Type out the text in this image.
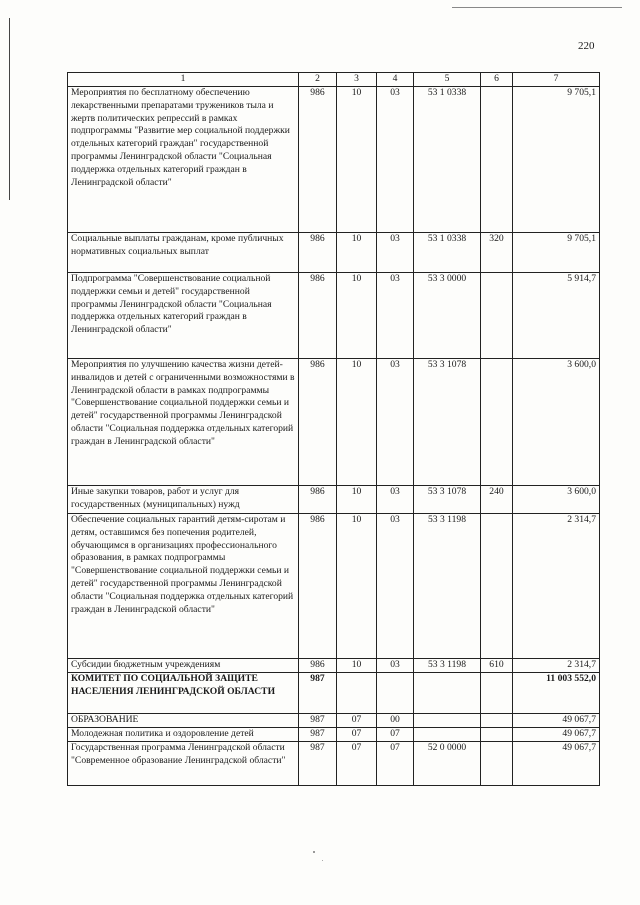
220
1	2	3	4	5	6	7
Мероприятия по бесплатному обеспечению лекарственными препаратами тружеников тыла и жертв политических репрессий в рамках подпрограммы "Развитие мер социальной поддержки отдельных категорий граждан" государственной программы Ленинградской области "Социальная поддержка отдельных категорий граждан в Ленинградской области"	986	10	03	53 1 0338		9 705,1
Социальные выплаты гражданам, кроме публичных нормативных социальных выплат	986	10	03	53 1 0338	320	9 705,1
Подпрограмма "Совершенствование социальной поддержки семьи и детей" государственной программы Ленинградской области "Социальная поддержка отдельных категорий граждан в Ленинградской области"	986	10	03	53 3 0000		5 914,7
Мероприятия по улучшению качества жизни детей-инвалидов и детей с ограниченными возможностями в Ленинградской области в рамках подпрограммы "Совершенствование социальной поддержки семьи и детей" государственной программы Ленинградской области "Социальная поддержка отдельных категорий граждан в Ленинградской области"	986	10	03	53 3 1078		3 600,0
Иные закупки товаров, работ и услуг для государственных (муниципальных) нужд	986	10	03	53 3 1078	240	3 600,0
Обеспечение социальных гарантий детям-сиротам и детям, оставшимся без попечения родителей, обучающимся в организациях профессионального образования, в рамках подпрограммы "Совершенствование социальной поддержки семьи и детей" государственной программы Ленинградской области "Социальная поддержка отдельных категорий граждан в Ленинградской области"	986	10	03	53 3 1198		2 314,7
Субсидии бюджетным учреждениям	986	10	03	53 3 1198	610	2 314,7
КОМИТЕТ ПО СОЦИАЛЬНОЙ ЗАЩИТЕ НАСЕЛЕНИЯ ЛЕНИНГРАДСКОЙ ОБЛАСТИ	987					11 003 552,0
ОБРАЗОВАНИЕ	987	07	00			49 067,7
Молодежная политика и оздоровление детей	987	07	07			49 067,7
Государственная программа Ленинградской области "Современное образование Ленинградской области"	987	07	07	52 0 0000		49 067,7
